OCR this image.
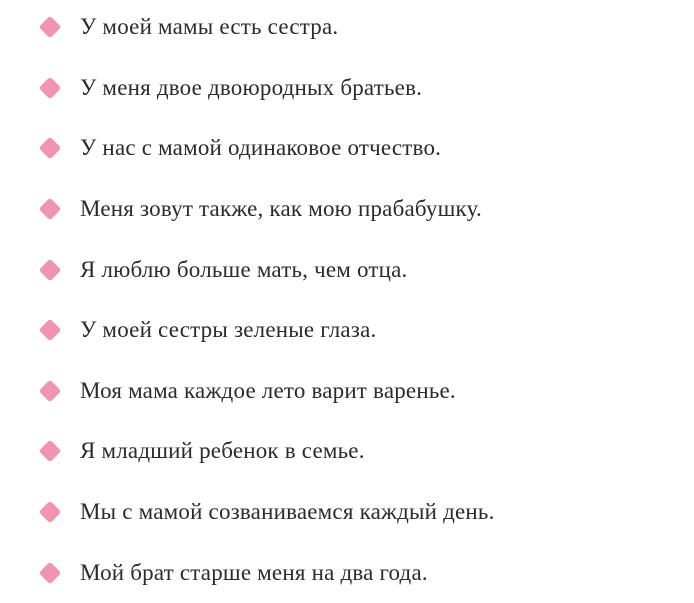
У моей мамы есть сестра.
У меня двое двоюродных братьев.
У нас с мамой одинаковое отчество.
Меня зовут также, как мою прабабушку.
Я люблю больше мать, чем отца.
У моей сестры зеленые глаза.
Моя мама каждое лето варит варенье.
Я младший ребенок в семье.
Мы с мамой созваниваемся каждый день.
Мой брат старше меня на два года.
